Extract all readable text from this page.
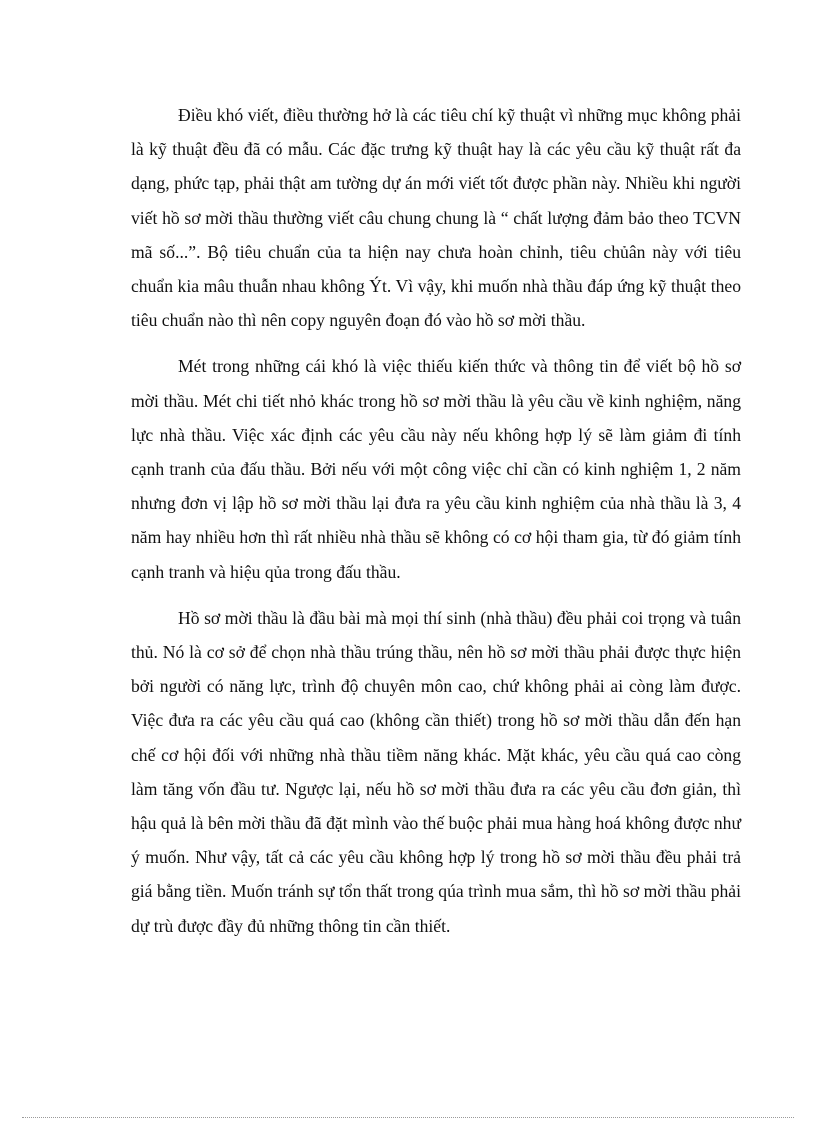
Điều khó viết, điều thường hở là các tiêu chí kỹ thuật vì những mục không phải là kỹ thuật đều đã có mẫu. Các đặc trưng kỹ thuật hay là các yêu cầu kỹ thuật rất đa dạng, phức tạp, phải thật am tường dự án mới viết tốt được phần này. Nhiều khi người viết hồ sơ mời thầu thường viết câu chung chung là “ chất lượng đảm bảo theo TCVN mã số...”. Bộ tiêu chuẩn của ta hiện nay chưa hoàn chỉnh, tiêu chủân này với tiêu chuẩn kia mâu thuẫn nhau không Ýt. Vì vậy, khi muốn nhà thầu đáp ứng kỹ thuật theo tiêu chuẩn nào thì nên copy nguyên đoạn đó vào hồ sơ mời thầu.

Mét trong những cái khó là việc thiếu kiến thức và thông tin để viết bộ hồ sơ mời thầu. Mét chi tiết nhỏ khác trong hồ sơ mời thầu là yêu cầu về kinh nghiệm, năng lực nhà thầu. Việc xác định các yêu cầu này nếu không hợp lý sẽ làm giảm đi tính cạnh tranh của đấu thầu. Bởi nếu với một công việc chỉ cần có kinh nghiệm 1, 2 năm nhưng đơn vị lập hồ sơ mời thầu lại đưa ra yêu cầu kinh nghiệm của nhà thầu là 3, 4 năm hay nhiều hơn thì rất nhiều nhà thầu sẽ không có cơ hội tham gia, từ đó giảm tính cạnh tranh và hiệu qủa trong đấu thầu.

Hồ sơ mời thầu là đầu bài mà mọi thí sinh (nhà thầu) đều phải coi trọng và tuân thủ. Nó là cơ sở để chọn nhà thầu trúng thầu, nên hồ sơ mời thầu phải được thực hiện bởi người có năng lực, trình độ chuyên môn cao, chứ không phải ai còng làm được. Việc đưa ra các yêu cầu quá cao (không cần thiết) trong hồ sơ mời thầu dẫn đến hạn chế cơ hội đối với những nhà thầu tiềm năng khác. Mặt khác, yêu cầu quá cao còng làm tăng vốn đầu tư. Ngược lại, nếu hồ sơ mời thầu đưa ra các yêu cầu đơn giản, thì hậu quả là bên mời thầu đã đặt mình vào thế buộc phải mua hàng hoá không được như ý muốn. Như vậy, tất cả các yêu cầu không hợp lý trong hồ sơ mời thầu đều phải trả giá bằng tiền. Muốn tránh sự tổn thất trong qúa trình mua sắm, thì hồ sơ mời thầu phải dự trù được đầy đủ những thông tin cần thiết.
